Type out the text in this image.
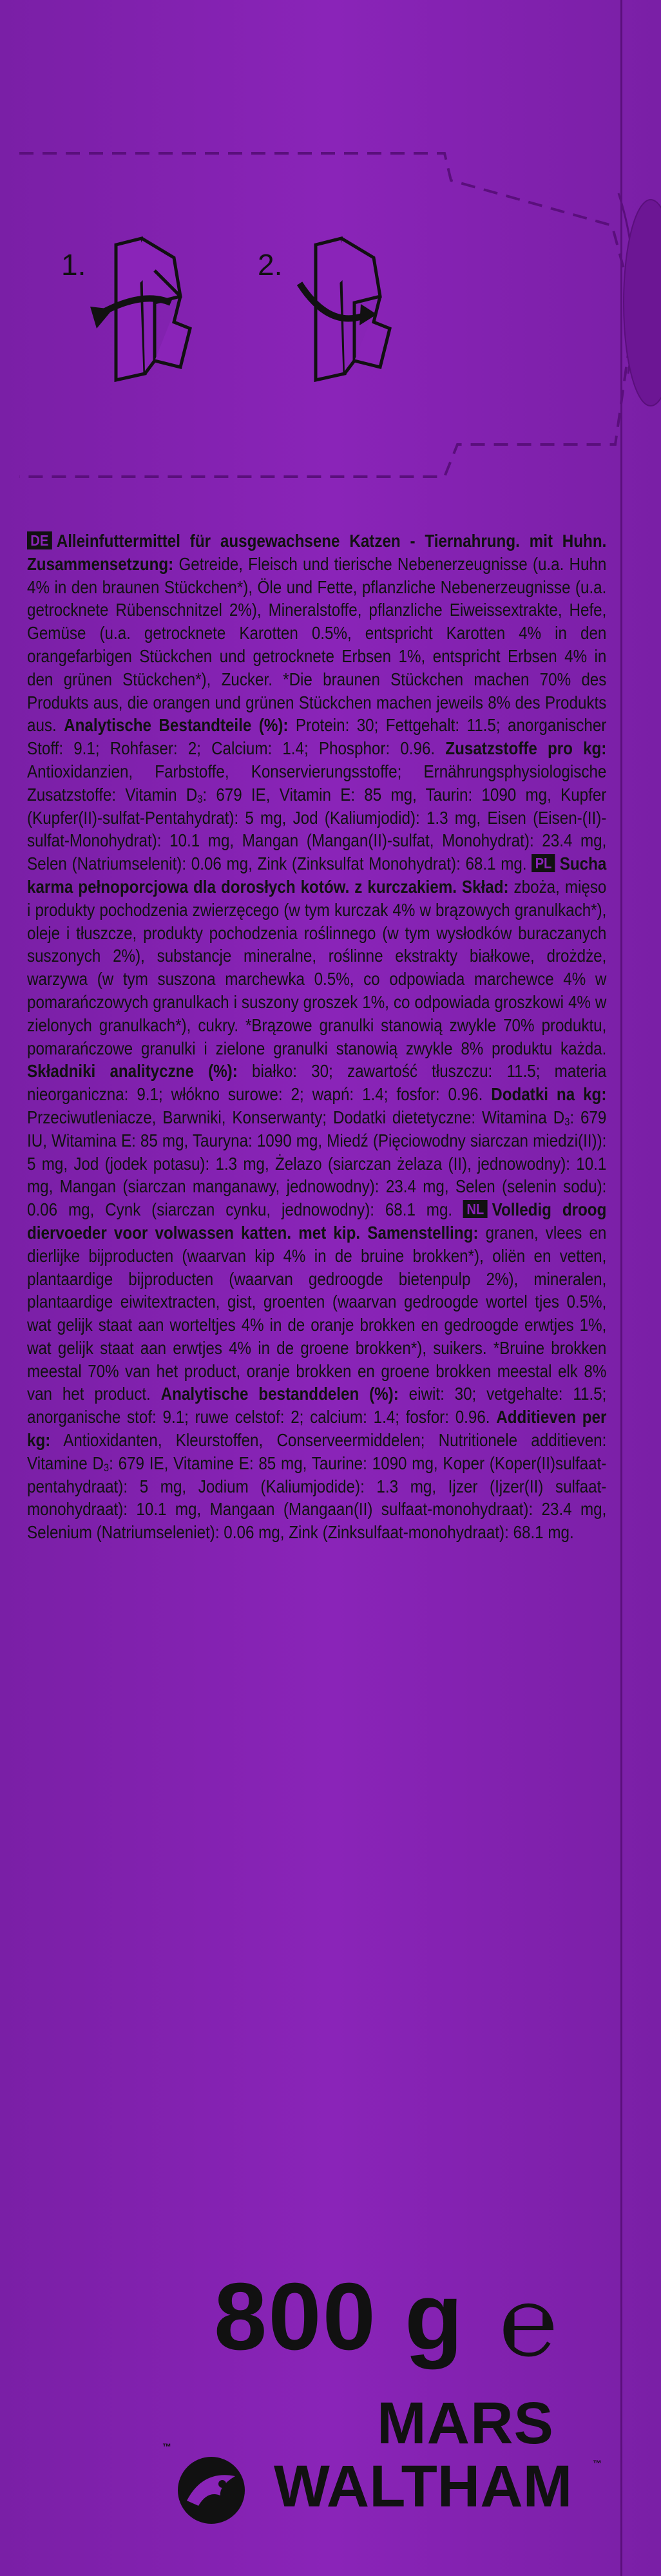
1.	2.

DE Alleinfuttermittel für ausgewachsene Katzen - Tiernahrung. mit Huhn. Zusammensetzung: Getreide, Fleisch und tierische Nebenerzeugnisse (u.a. Huhn 4% in den braunen Stückchen*), Öle und Fette, pflanzliche Nebenerzeugnisse (u.a. getrocknete Rübenschnitzel 2%), Mineralstoffe, pflanzliche Eiweissextrakte, Hefe, Gemüse (u.a. getrocknete Karotten 0.5%, entspricht Karotten 4% in den orangefarbigen Stückchen und getrocknete Erbsen 1%, entspricht Erbsen 4% in den grünen Stückchen*), Zucker. *Die braunen Stückchen machen 70% des Produkts aus, die orangen und grünen Stückchen machen jeweils 8% des Produkts aus. Analytische Bestandteile (%): Protein: 30; Fettgehalt: 11.5; anorganischer Stoff: 9.1; Rohfaser: 2; Calcium: 1.4; Phosphor: 0.96. Zusatzstoffe pro kg: Antioxidanzien, Farbstoffe, Konservierungsstoffe; Ernährungsphysiologische Zusatzstoffe: Vitamin $D_3$: 679 IE, Vitamin E: 85 mg, Taurin: 1090 mg, Kupfer (Kupfer(II)-sulfat-Pentahydrat): 5 mg, Jod (Kaliumjodid): 1.3 mg, Eisen (Eisen-(II)-sulfat-Monohydrat): 10.1 mg, Mangan (Mangan(II)-sulfat, Monohydrat): 23.4 mg, Selen (Natriumselenit): 0.06 mg, Zink (Zinksulfat Monohydrat): 68.1 mg. PL Sucha karma pełnoporcjowa dla dorosłych kotów. z kurczakiem. Skład: zboża, mięso i produkty pochodzenia zwierzęcego (w tym kurczak 4% w brązowych granulkach*), oleje i tłuszcze, produkty pochodzenia roślinnego (w tym wysłodków buraczanych suszonych 2%), substancje mineralne, roślinne ekstrakty białkowe, drożdże, warzywa (w tym suszona marchewka 0.5%, co odpowiada marchewce 4% w pomarańczowych granulkach i suszony groszek 1%, co odpowiada groszkowi 4% w zielonych granulkach*), cukry. *Brązowe granulki stanowią zwykle 70% produktu, pomarańczowe granulki i zielone granulki stanowią zwykle 8% produktu każda. Składniki analityczne (%): białko: 30; zawartość tłuszczu: 11.5; materia nieorganiczna: 9.1; włókno surowe: 2; wapń: 1.4; fosfor: 0.96. Dodatki na kg: Przeciwutleniacze, Barwniki, Konserwanty; Dodatki dietetyczne: Witamina $D_3$: 679 IU, Witamina E: 85 mg, Tauryna: 1090 mg, Miedź (Pięciowodny siarczan miedzi(II)): 5 mg, Jod (jodek potasu): 1.3 mg, Żelazo (siarczan żelaza (II), jednowodny): 10.1 mg, Mangan (siarczan manganawy, jednowodny): 23.4 mg, Selen (selenin sodu): 0.06 mg, Cynk (siarczan cynku, jednowodny): 68.1 mg. NL Volledig droog diervoeder voor volwassen katten. met kip. Samenstelling: granen, vlees en dierlijke bijproducten (waarvan kip 4% in de bruine brokken*), oliën en vetten, plantaardige bijproducten (waarvan gedroogde bietenpulp 2%), mineralen, plantaardige eiwitextracten, gist, groenten (waarvan gedroogde wortel tjes 0.5%, wat gelijk staat aan worteltjes 4% in de oranje brokken en gedroogde erwtjes 1%, wat gelijk staat aan erwtjes 4% in de groene brokken*), suikers. *Bruine brokken meestal 70% van het product, oranje brokken en groene brokken meestal elk 8% van het product. Analytische bestanddelen (%): eiwit: 30; vetgehalte: 11.5; anorganische stof: 9.1; ruwe celstof: 2; calcium: 1.4; fosfor: 0.96. Additieven per kg: Antioxidanten, Kleurstoffen, Conserveermiddelen; Nutritionele additieven: Vitamine $D_3$: 679 IE, Vitamine E: 85 mg, Taurine: 1090 mg, Koper (Koper(II)sulfaat-pentahydraat): 5 mg, Jodium (Kaliumjodide): 1.3 mg, Ijzer (Ijzer(II) sulfaat-monohydraat): 10.1 mg, Mangaan (Mangaan(II) sulfaat-monohydraat): 23.4 mg, Selenium (Natriumseleniet): 0.06 mg, Zink (Zinksulfaat-monohydraat): 68.1 mg.

800 g ℮
MARS
™
WALTHAM ™
